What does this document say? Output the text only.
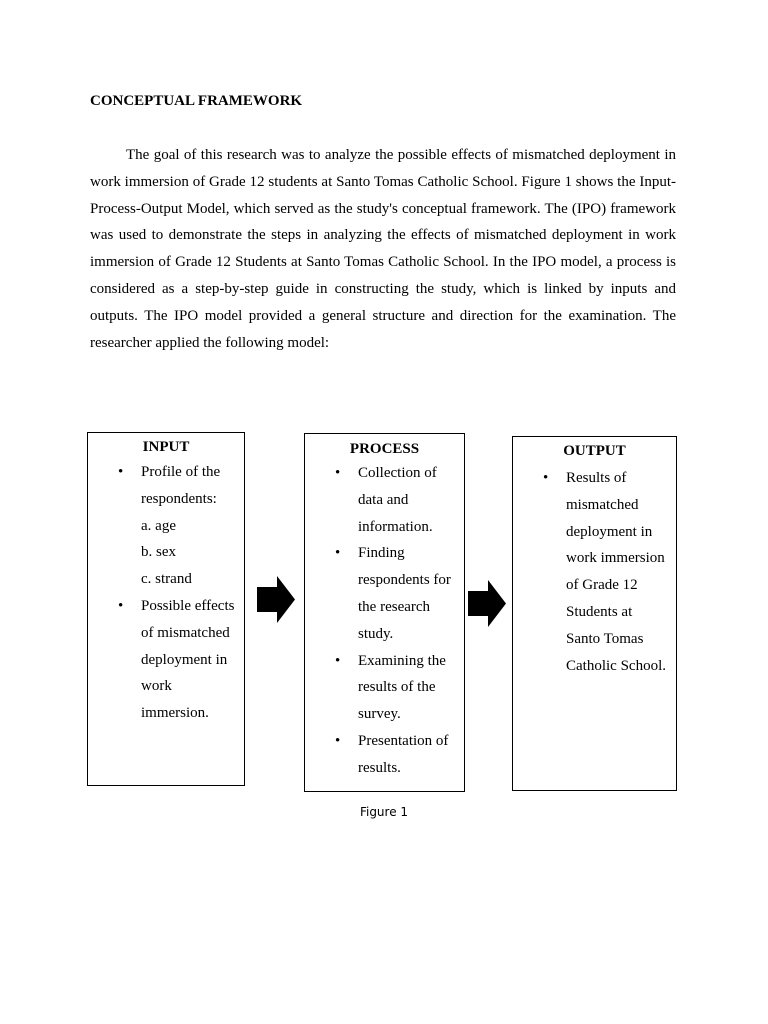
CONCEPTUAL FRAMEWORK

The goal of this research was to analyze the possible effects of mismatched deployment in work immersion of Grade 12 students at Santo Tomas Catholic School. Figure 1 shows the Input-Process-Output Model, which served as the study's conceptual framework. The (IPO) framework was used to demonstrate the steps in analyzing the effects of mismatched deployment in work immersion of Grade 12 Students at Santo Tomas Catholic School. In the IPO model, a process is considered as a step-by-step guide in constructing the study, which is linked by inputs and outputs. The IPO model provided a general structure and direction for the examination. The researcher applied the following model:

INPUT
• Profile of the
respondents:
a. age
b. sex
c. strand
• Possible effects
of mismatched
deployment in
work
immersion.
PROCESS
• Collection of
data and
information.
• Finding
respondents for
the research
study.
• Examining the
results of the
survey.
• Presentation of
results.
OUTPUT
• Results of
mismatched
deployment in
work immersion
of Grade 12
Students at
Santo Tomas
Catholic School.
Figure 1
